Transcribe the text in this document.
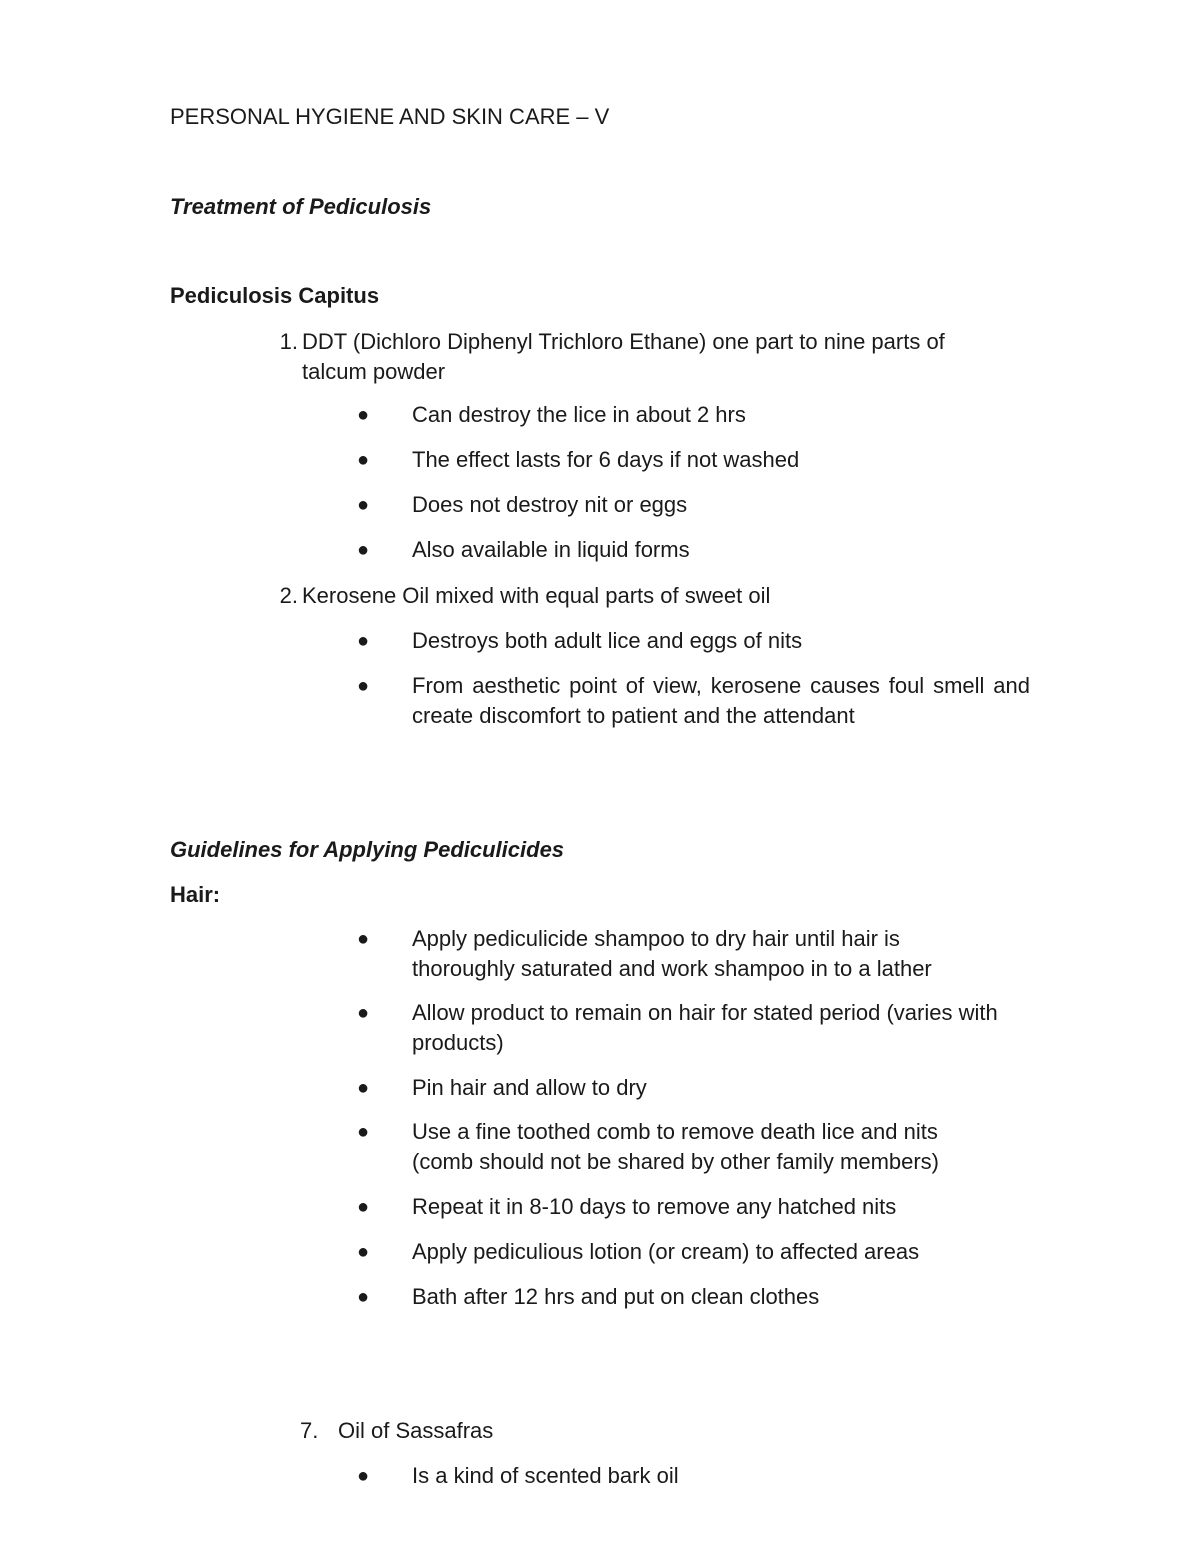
PERSONAL HYGIENE AND SKIN CARE – V
Treatment of Pediculosis
Pediculosis Capitus
1. DDT (Dichloro Diphenyl Trichloro Ethane) one part to nine parts of
talcum powder
● Can destroy the lice in about 2 hrs
● The effect lasts for 6 days if not washed
● Does not destroy nit or eggs
● Also available in liquid forms
2. Kerosene Oil mixed with equal parts of sweet oil
● Destroys both adult lice and eggs of nits
● From aesthetic point of view, kerosene causes foul smell and create discomfort to patient and the attendant
Guidelines for Applying Pediculicides
Hair:
● Apply pediculicide shampoo to dry hair until hair is thoroughly saturated and work shampoo in to a lather
● Allow product to remain on hair for stated period (varies with products)
● Pin hair and allow to dry
● Use a fine toothed comb to remove death lice and nits (comb should not be shared by other family members)
● Repeat it in 8-10 days to remove any hatched nits
● Apply pediculious lotion (or cream) to affected areas
● Bath after 12 hrs and put on clean clothes
7. Oil of Sassafras
● Is a kind of scented bark oil
